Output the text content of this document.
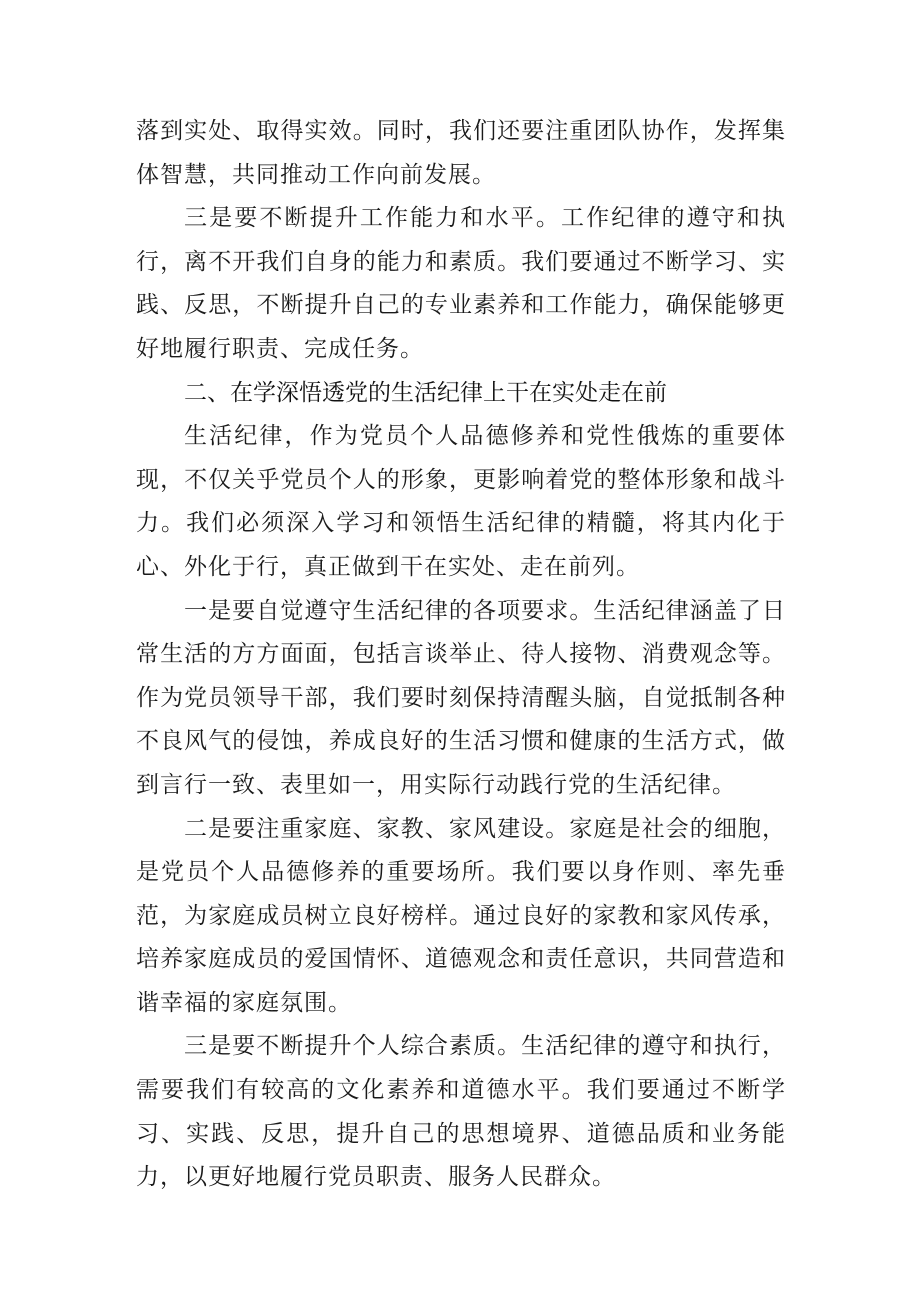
落到实处、取得实效。同时，我们还要注重团队协作，发挥集体智慧，共同推动工作向前发展。

三是要不断提升工作能力和水平。工作纪律的遵守和执行，离不开我们自身的能力和素质。我们要通过不断学习、实践、反思，不断提升自己的专业素养和工作能力，确保能够更好地履行职责、完成任务。

二、在学深悟透党的生活纪律上干在实处走在前

生活纪律，作为党员个人品德修养和党性俄炼的重要体现，不仅关乎党员个人的形象，更影响着党的整体形象和战斗力。我们必须深入学习和领悟生活纪律的精髓，将其内化于心、外化于行，真正做到干在实处、走在前列。

一是要自觉遵守生活纪律的各项要求。生活纪律涵盖了日常生活的方方面面，包括言谈举止、待人接物、消费观念等。作为党员领导干部，我们要时刻保持清醒头脑，自觉抵制各种不良风气的侵蚀，养成良好的生活习惯和健康的生活方式，做到言行一致、表里如一，用实际行动践行党的生活纪律。

二是要注重家庭、家教、家风建设。家庭是社会的细胞，是党员个人品德修养的重要场所。我们要以身作则、率先垂范，为家庭成员树立良好榜样。通过良好的家教和家风传承，培养家庭成员的爱国情怀、道德观念和责任意识，共同营造和谐幸福的家庭氛围。

三是要不断提升个人综合素质。生活纪律的遵守和执行，需要我们有较高的文化素养和道德水平。我们要通过不断学习、实践、反思，提升自己的思想境界、道德品质和业务能力，以更好地履行党员职责、服务人民群众。
